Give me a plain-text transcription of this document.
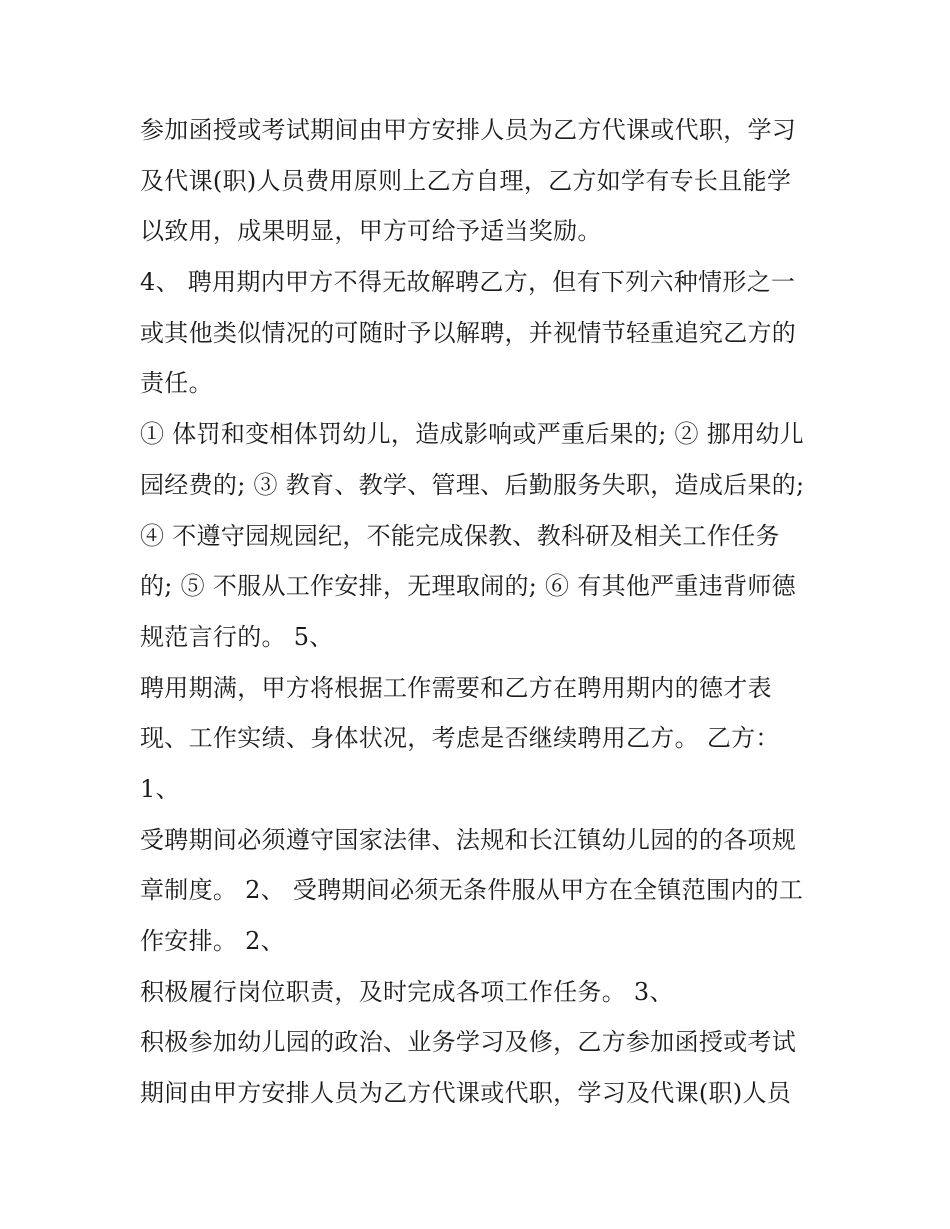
参加函授或考试期间由甲方安排人员为乙方代课或代职，学习
及代课(职)人员费用原则上乙方自理，乙方如学有专长且能学
以致用，成果明显，甲方可给予适当奖励。
4、 聘用期内甲方不得无故解聘乙方，但有下列六种情形之一
或其他类似情况的可随时予以解聘，并视情节轻重追究乙方的
责任。
① 体罚和变相体罚幼儿，造成影响或严重后果的; ② 挪用幼儿
园经费的; ③ 教育、教学、管理、后勤服务失职，造成后果的;
④ 不遵守园规园纪，不能完成保教、教科研及相关工作任务
的; ⑤ 不服从工作安排，无理取闹的; ⑥ 有其他严重违背师德
规范言行的。 5、
聘用期满，甲方将根据工作需要和乙方在聘用期内的德才表
现、工作实绩、身体状况，考虑是否继续聘用乙方。 乙方：
1、
受聘期间必须遵守国家法律、法规和长江镇幼儿园的的各项规
章制度。 2、 受聘期间必须无条件服从甲方在全镇范围内的工
作安排。 2、
积极履行岗位职责，及时完成各项工作任务。 3、
积极参加幼儿园的政治、业务学习及修，乙方参加函授或考试
期间由甲方安排人员为乙方代课或代职，学习及代课(职)人员
